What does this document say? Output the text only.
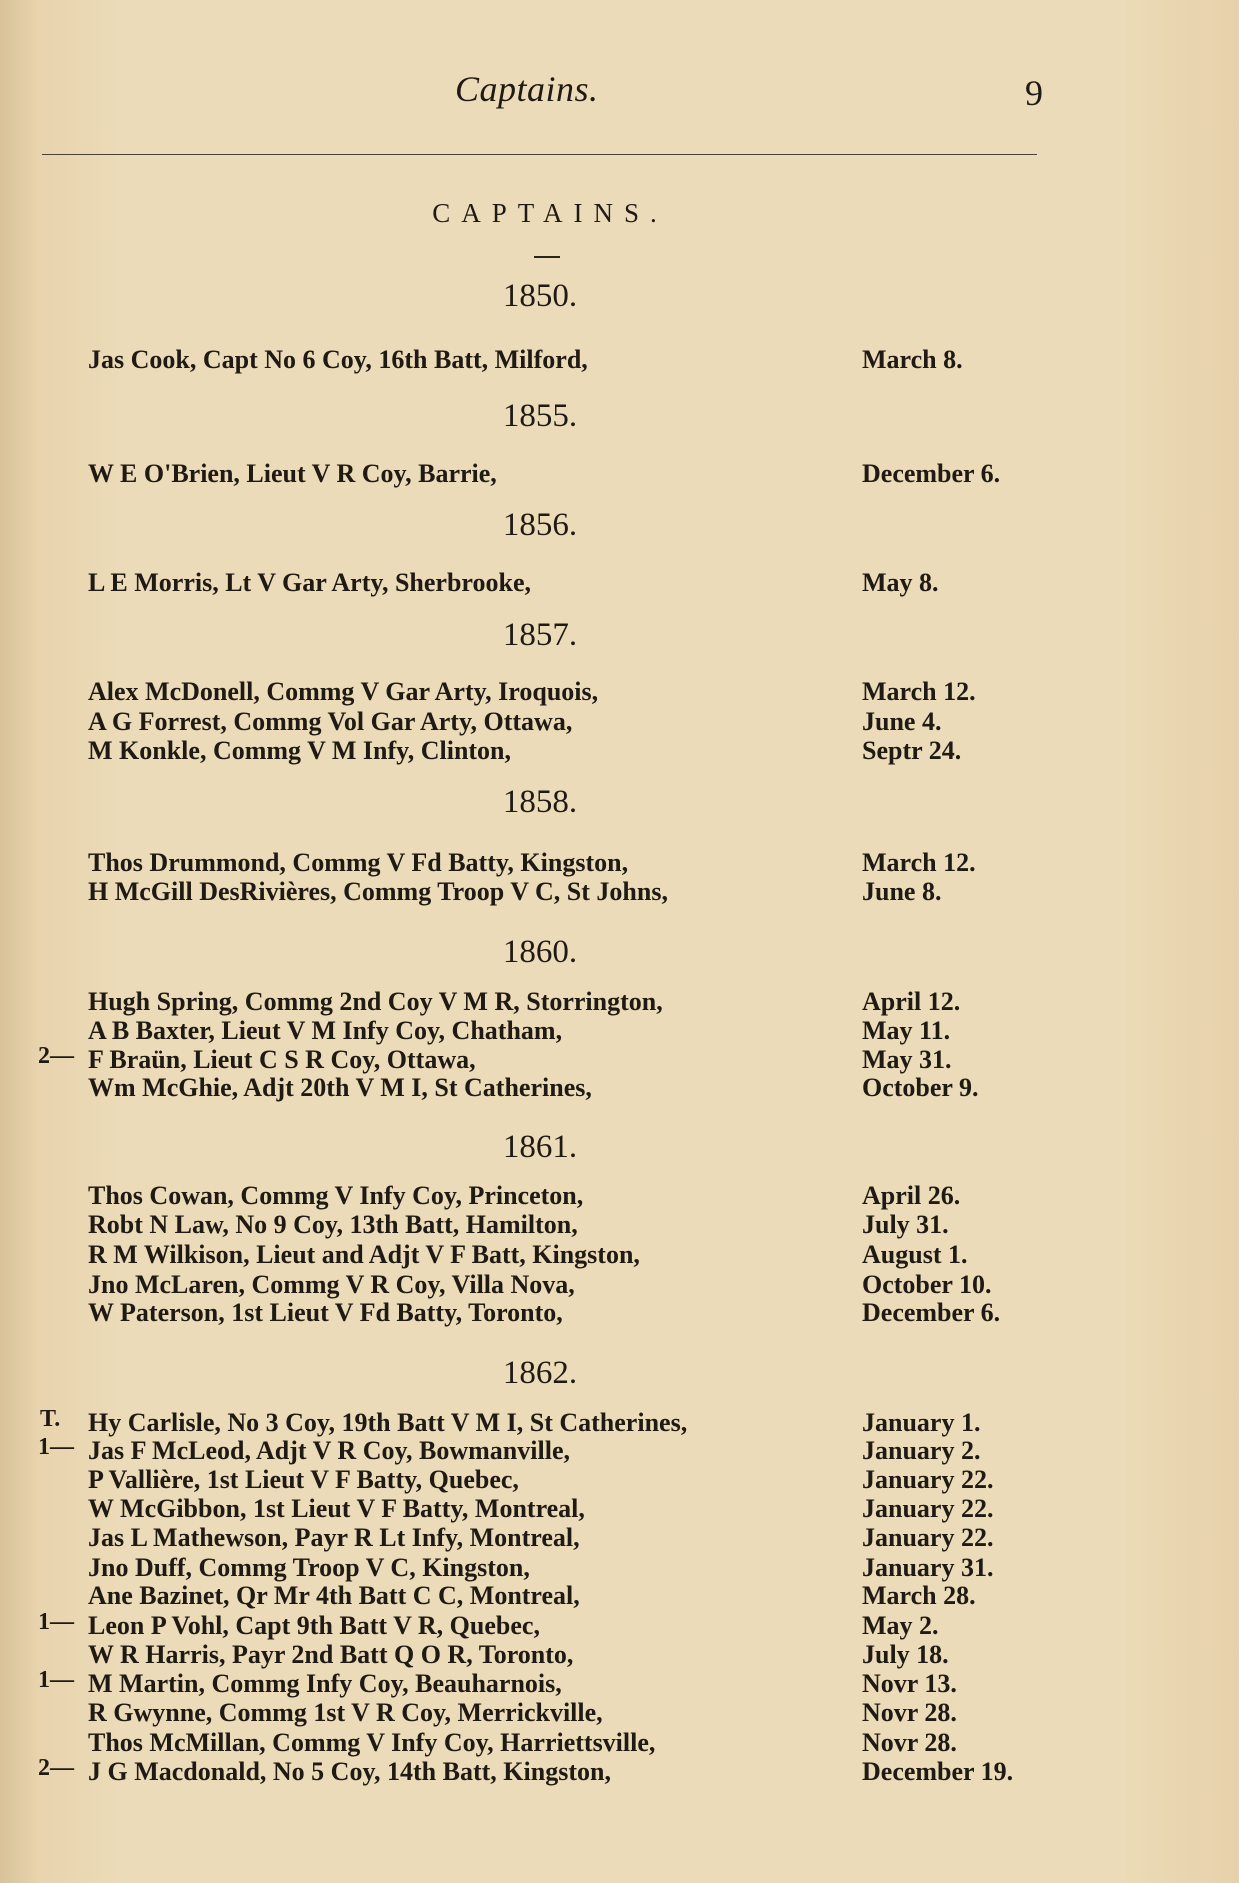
Captains.	9
CAPTAINS.
1850.
Jas Cook, Capt No 6 Coy, 16th Batt, Milford,	March 8.
1855.
W E O'Brien, Lieut V R Coy, Barrie,	December 6.
1856.
L E Morris, Lt V Gar Arty, Sherbrooke,	May 8.
1857.
Alex McDonell, Commg V Gar Arty, Iroquois,	March 12.
A G Forrest, Commg Vol Gar Arty, Ottawa,	June 4.
M Konkle, Commg V M Infy, Clinton,	Septr 24.
1858.
Thos Drummond, Commg V Fd Batty, Kingston,	March 12.
H McGill DesRivières, Commg Troop V C, St Johns,	June 8.
1860.
Hugh Spring, Commg 2nd Coy V M R, Storrington,	April 12.
A B Baxter, Lieut V M Infy Coy, Chatham,	May 11.
F Braün, Lieut C S R Coy, Ottawa,	May 31.
2—
Wm McGhie, Adjt 20th V M I, St Catherines,	October 9.
1861.
Thos Cowan, Commg V Infy Coy, Princeton,	April 26.
Robt N Law, No 9 Coy, 13th Batt, Hamilton,	July 31.
R M Wilkison, Lieut and Adjt V F Batt, Kingston,	August 1.
Jno McLaren, Commg V R Coy, Villa Nova,	October 10.
W Paterson, 1st Lieut V Fd Batty, Toronto,	December 6.
1862.
Hy Carlisle, No 3 Coy, 19th Batt V M I, St Catherines,	January 1.
T.
Jas F McLeod, Adjt V R Coy, Bowmanville,	January 2.
1—
P Vallière, 1st Lieut V F Batty, Quebec,	January 22.
W McGibbon, 1st Lieut V F Batty, Montreal,	January 22.
Jas L Mathewson, Payr R Lt Infy, Montreal,	January 22.
Jno Duff, Commg Troop V C, Kingston,	January 31.
Ane Bazinet, Qr Mr 4th Batt C C, Montreal,	March 28.
Leon P Vohl, Capt 9th Batt V R, Quebec,	May 2.
1—
W R Harris, Payr 2nd Batt Q O R, Toronto,	July 18.
M Martin, Commg Infy Coy, Beauharnois,	Novr 13.
1—
R Gwynne, Commg 1st V R Coy, Merrickville,	Novr 28.
Thos McMillan, Commg V Infy Coy, Harriettsville,	Novr 28.
J G Macdonald, No 5 Coy, 14th Batt, Kingston,	December 19.
2—
